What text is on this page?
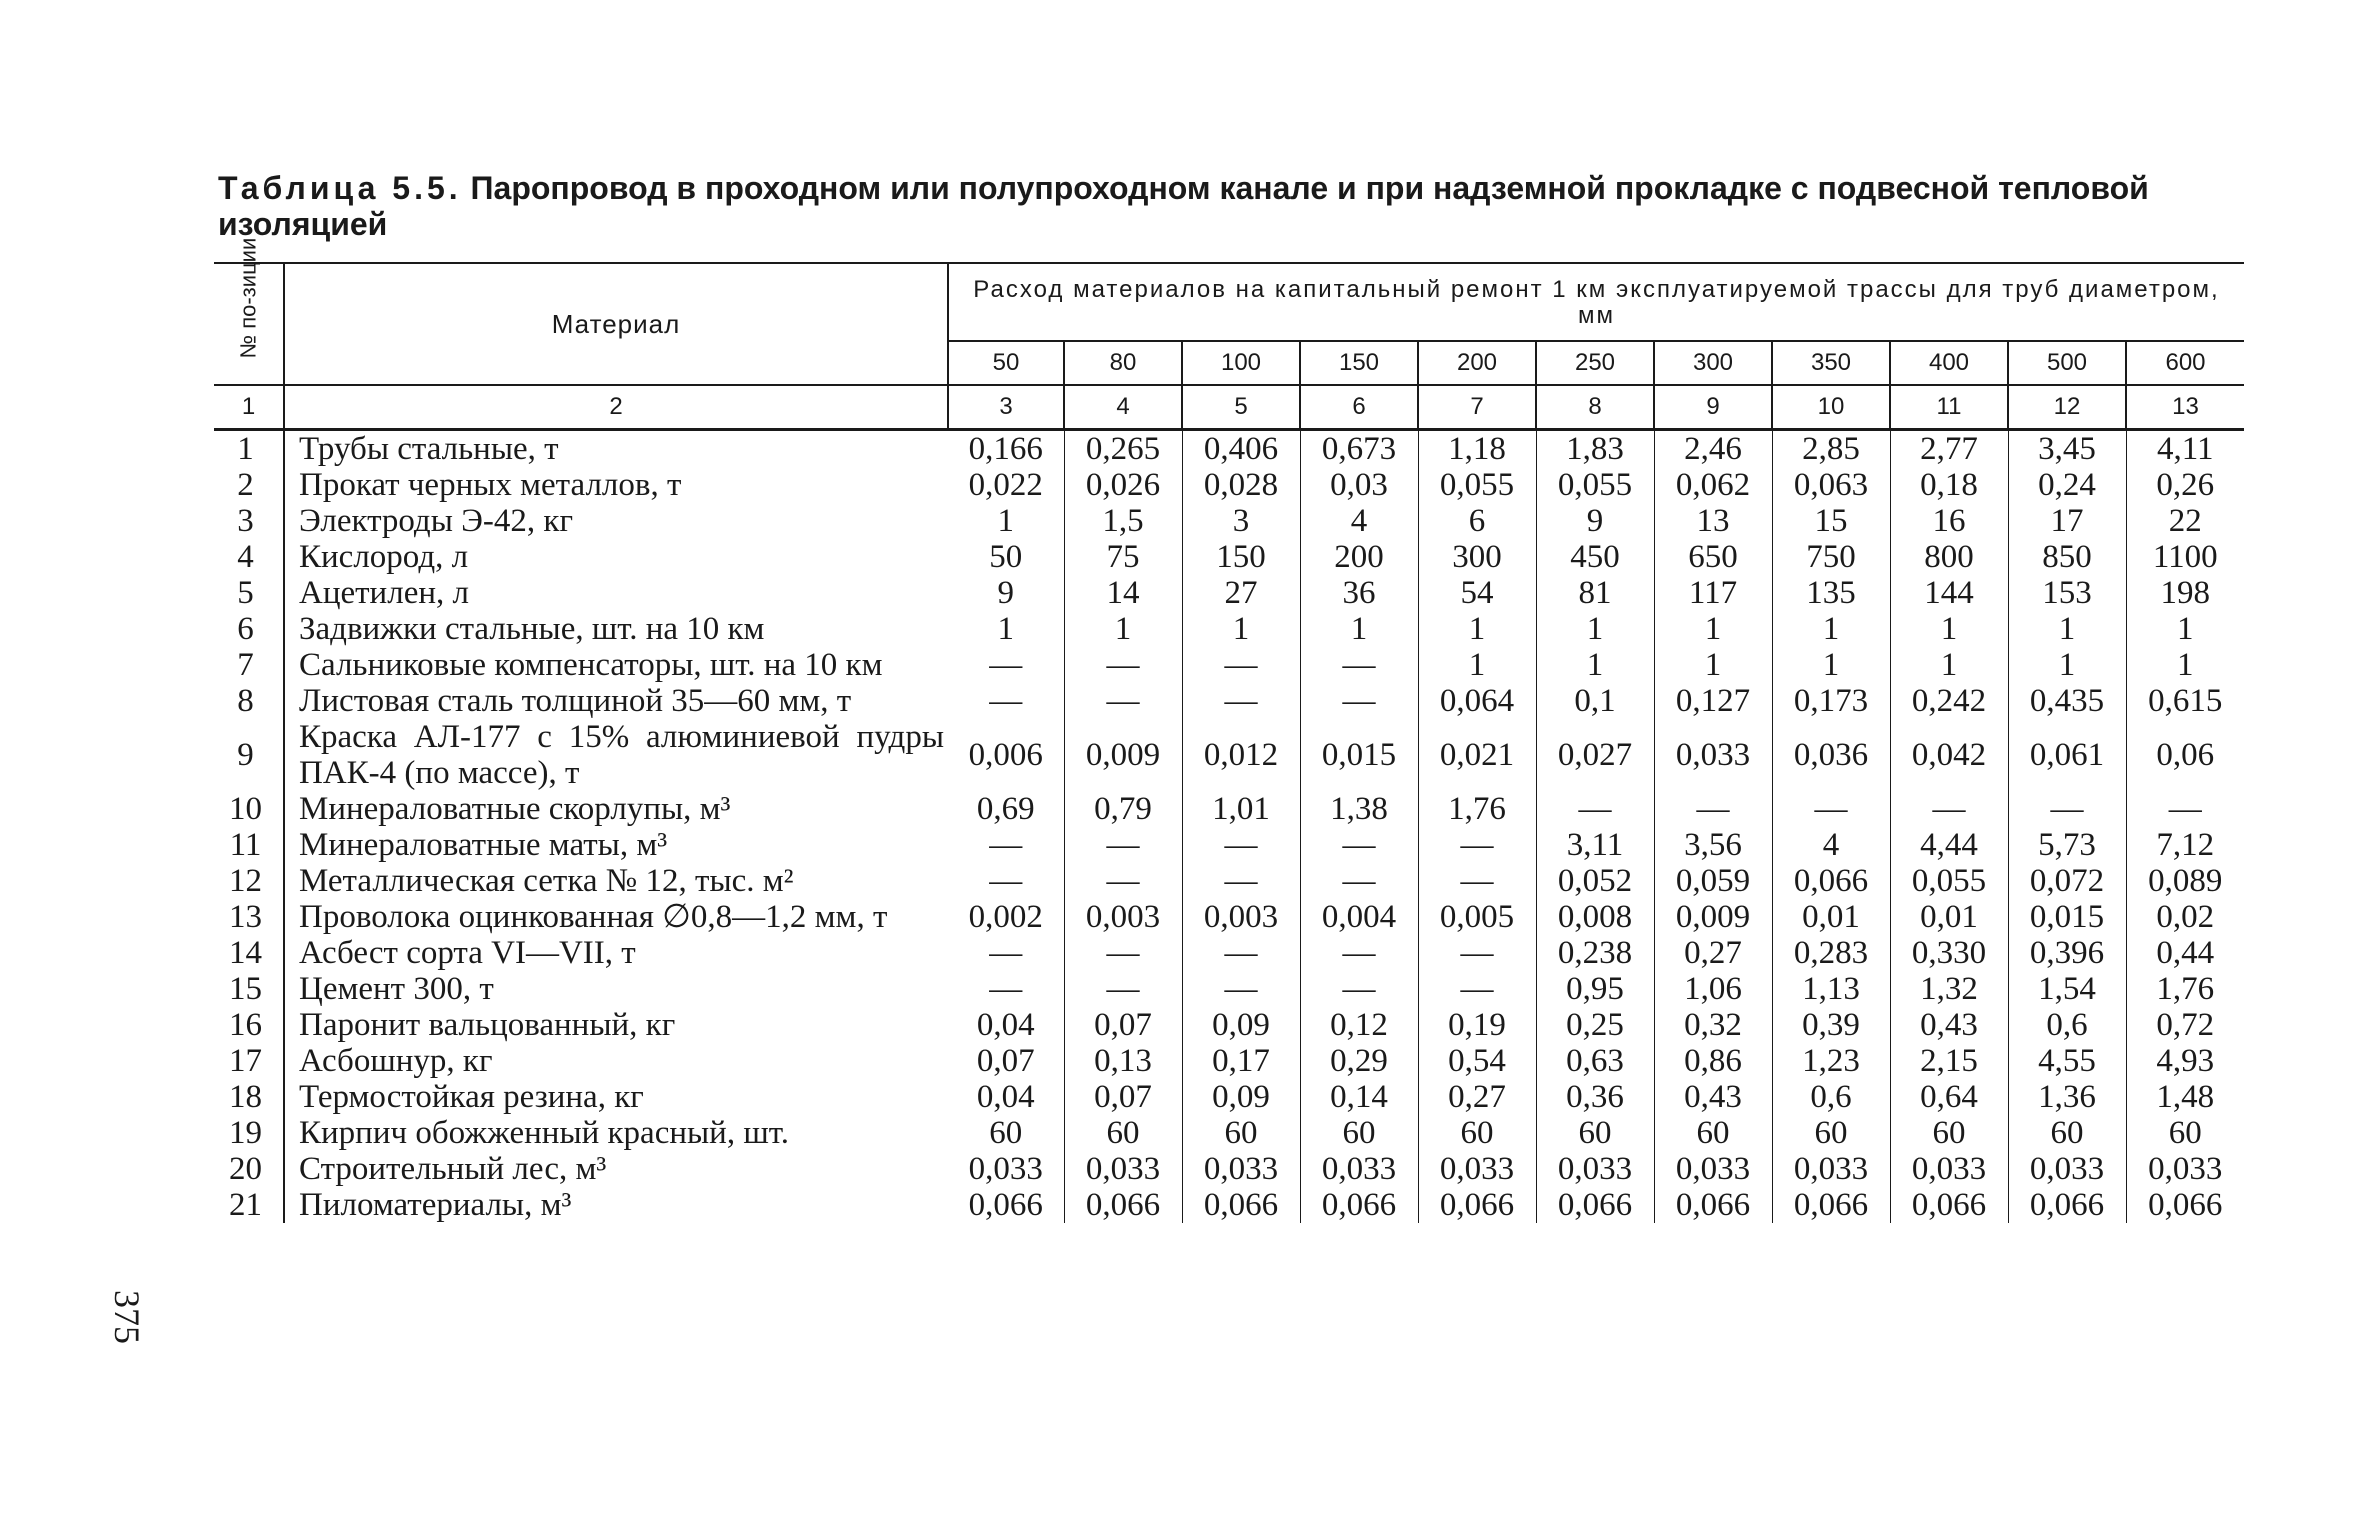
Таблица 5.5. Паропровод в проходном или полупроходном канале и при надземной прокладке с подвесной тепловой изоляцией
№ по-зиции	Материал	Расход материалов на капитальный ремонт 1 км эксплуатируемой трассы для труб диаметром, мм										
		50	80	100	150	200	250	300	350	400	500	600
1	2	3	4	5	6	7	8	9	10	11	12	13
1	Трубы стальные, т	0,166	0,265	0,406	0,673	1,18	1,83	2,46	2,85	2,77	3,45	4,11
2	Прокат черных металлов, т	0,022	0,026	0,028	0,03	0,055	0,055	0,062	0,063	0,18	0,24	0,26
3	Электроды Э-42, кг	1	1,5	3	4	6	9	13	15	16	17	22
4	Кислород, л	50	75	150	200	300	450	650	750	800	850	1100
5	Ацетилен, л	9	14	27	36	54	81	117	135	144	153	198
6	Задвижки стальные, шт. на 10 км	1	1	1	1	1	1	1	1	1	1	1
7	Сальниковые компенсаторы, шт. на 10 км	—	—	—	—	1	1	1	1	1	1	1
8	Листовая сталь толщиной 35—60 мм, т	—	—	—	—	0,064	0,1	0,127	0,173	0,242	0,435	0,615
9	Краска АЛ-177 с 15% алюминиевой пудры ПАК-4 (по массе), т	0,006	0,009	0,012	0,015	0,021	0,027	0,033	0,036	0,042	0,061	0,06
10	Минераловатные скорлупы, м³	0,69	0,79	1,01	1,38	1,76	—	—	—	—	—	—
11	Минераловатные маты, м³	—	—	—	—	—	3,11	3,56	4	4,44	5,73	7,12
12	Металлическая сетка № 12, тыс. м²	—	—	—	—	—	0,052	0,059	0,066	0,055	0,072	0,089
13	Проволока оцинкованная ∅0,8—1,2 мм, т	0,002	0,003	0,003	0,004	0,005	0,008	0,009	0,01	0,01	0,015	0,02
14	Асбест сорта VI—VII, т	—	—	—	—	—	0,238	0,27	0,283	0,330	0,396	0,44
15	Цемент 300, т	—	—	—	—	—	0,95	1,06	1,13	1,32	1,54	1,76
16	Паронит вальцованный, кг	0,04	0,07	0,09	0,12	0,19	0,25	0,32	0,39	0,43	0,6	0,72
17	Асбошнур, кг	0,07	0,13	0,17	0,29	0,54	0,63	0,86	1,23	2,15	4,55	4,93
18	Термостойкая резина, кг	0,04	0,07	0,09	0,14	0,27	0,36	0,43	0,6	0,64	1,36	1,48
19	Кирпич обожженный красный, шт.	60	60	60	60	60	60	60	60	60	60	60
20	Строительный лес, м³	0,033	0,033	0,033	0,033	0,033	0,033	0,033	0,033	0,033	0,033	0,033
21	Пиломатериалы, м³	0,066	0,066	0,066	0,066	0,066	0,066	0,066	0,066	0,066	0,066	0,066
375
